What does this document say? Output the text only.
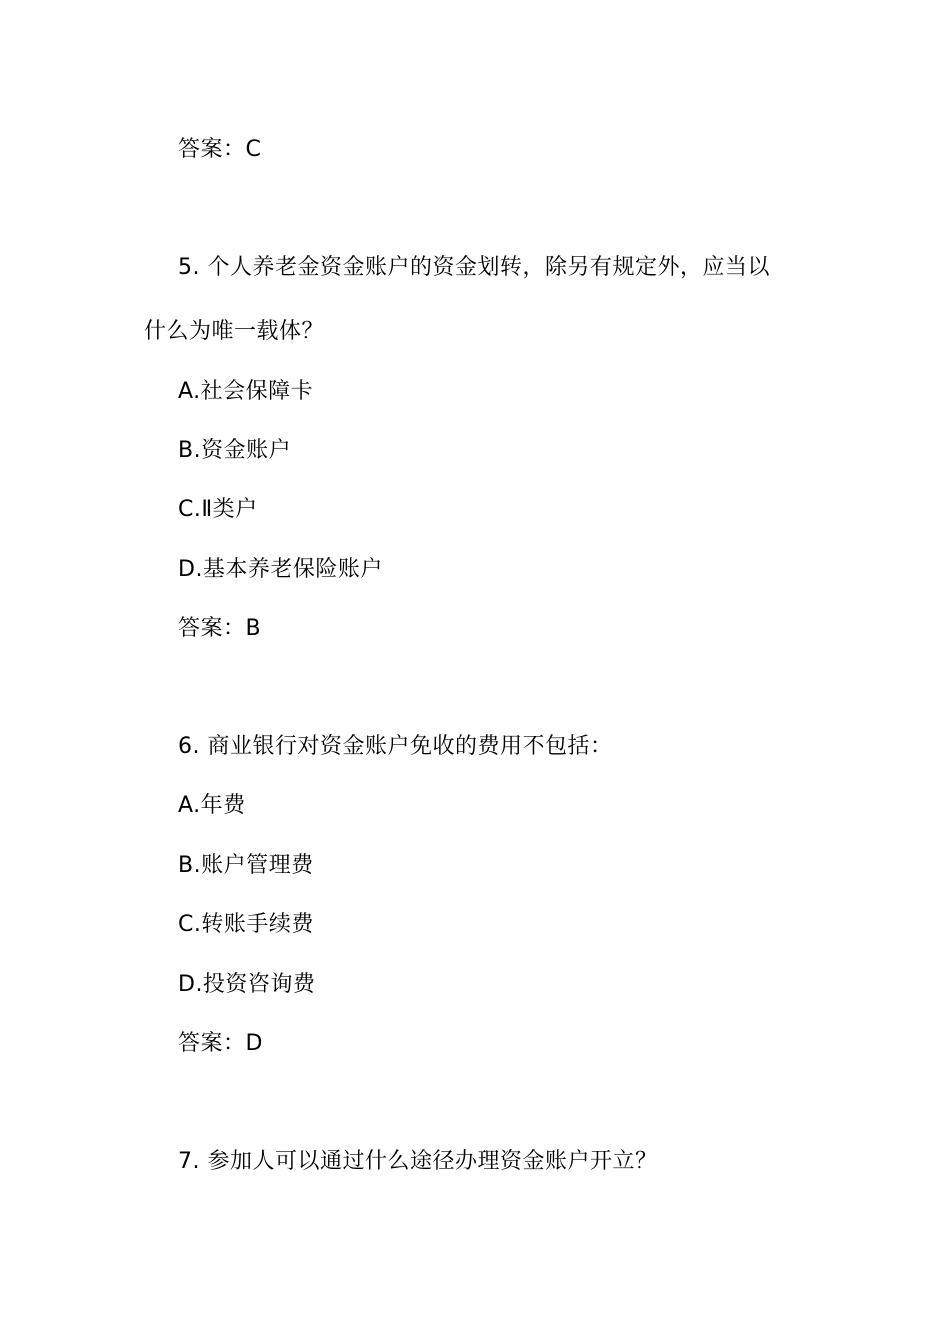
答案：C
5. 个人养老金资金账户的资金划转，除另有规定外，应当以
什么为唯一载体？
A.社会保障卡
B.资金账户
C.Ⅱ类户
D.基本养老保险账户
答案：B
6. 商业银行对资金账户免收的费用不包括：
A.年费
B.账户管理费
C.转账手续费
D.投资咨询费
答案：D
7. 参加人可以通过什么途径办理资金账户开立？
